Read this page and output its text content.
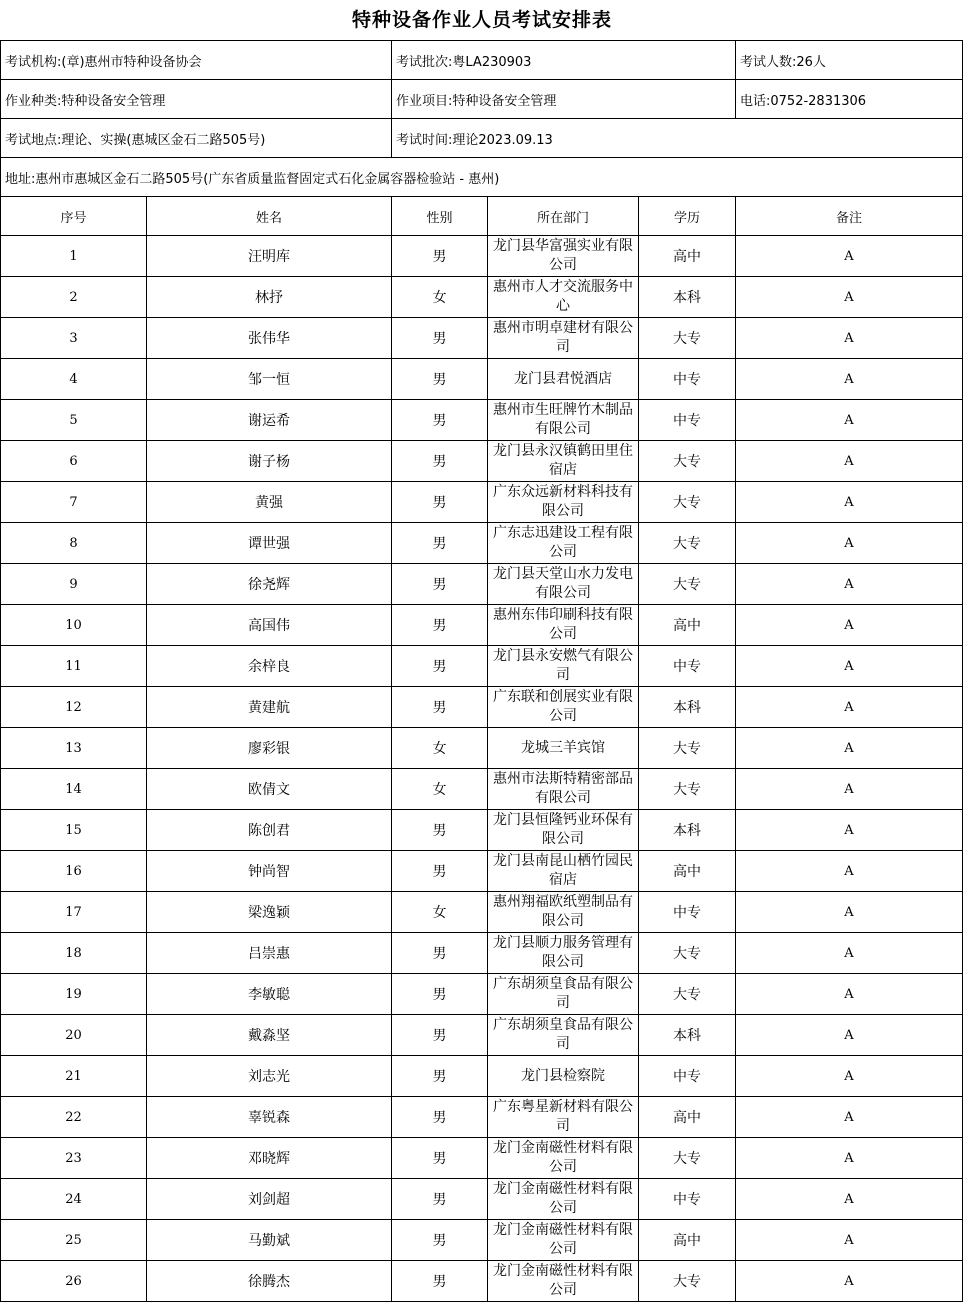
特种设备作业人员考试安排表
考试机构:(章)惠州市特种设备协会	考试批次:粤LA230903	考试人数:26人
作业种类:特种设备安全管理	作业项目:特种设备安全管理	电话:0752-2831306
考试地点:理论、实操(惠城区金石二路505号)	考试时间:理论2023.09.13	
地址:惠州市惠城区金石二路505号(广东省质量监督固定式石化金属容器检验站 - 惠州)		
序号	姓名	性别	所在部门	学历	备注
1	汪明库	男	龙门县华富强实业有限公司	高中	A
2	林抒	女	惠州市人才交流服务中心	本科	A
3	张伟华	男	惠州市明卓建材有限公司	大专	A
4	邹一恒	男	龙门县君悦酒店	中专	A
5	谢运希	男	惠州市生旺牌竹木制品有限公司	中专	A
6	谢子杨	男	龙门县永汉镇鹤田里住宿店	大专	A
7	黄强	男	广东众远新材料科技有限公司	大专	A
8	谭世强	男	广东志迅建设工程有限公司	大专	A
9	徐尧辉	男	龙门县天堂山水力发电有限公司	大专	A
10	高国伟	男	惠州东伟印刷科技有限公司	高中	A
11	余梓良	男	龙门县永安燃气有限公司	中专	A
12	黄建航	男	广东联和创展实业有限公司	本科	A
13	廖彩银	女	龙城三羊宾馆	大专	A
14	欧倩文	女	惠州市法斯特精密部品有限公司	大专	A
15	陈创君	男	龙门县恒隆钙业环保有限公司	本科	A
16	钟尚智	男	龙门县南昆山栖竹园民宿店	高中	A
17	梁逸颖	女	惠州翔福欧纸塑制品有限公司	中专	A
18	吕崇惠	男	龙门县顺力服务管理有限公司	大专	A
19	李敏聪	男	广东胡须皇食品有限公司	大专	A
20	戴淼坚	男	广东胡须皇食品有限公司	本科	A
21	刘志光	男	龙门县检察院	中专	A
22	辜锐森	男	广东粤星新材料有限公司	高中	A
23	邓晓辉	男	龙门金南磁性材料有限公司	大专	A
24	刘剑超	男	龙门金南磁性材料有限公司	中专	A
25	马勤斌	男	龙门金南磁性材料有限公司	高中	A
26	徐腾杰	男	龙门金南磁性材料有限公司	大专	A
